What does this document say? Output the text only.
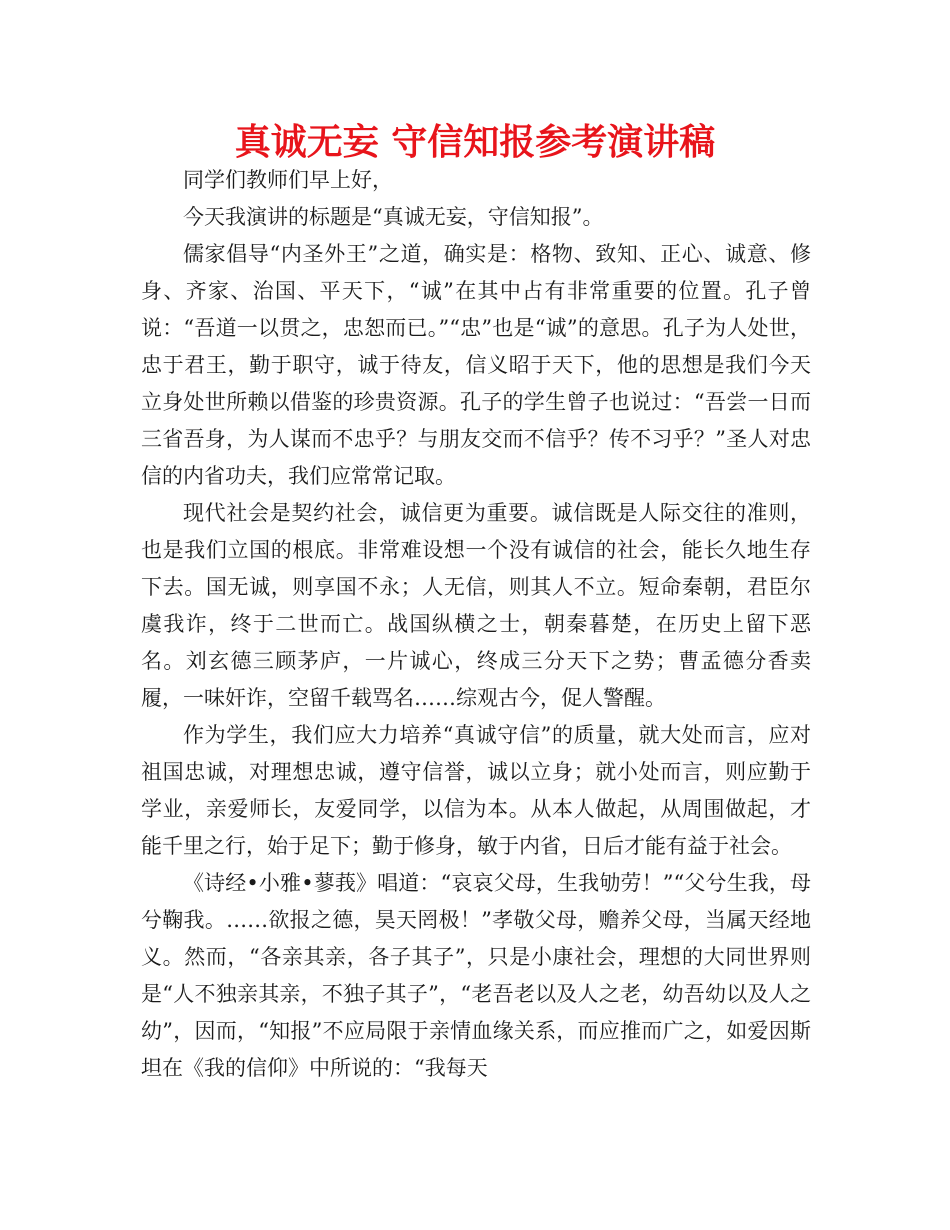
真诚无妄 守信知报参考演讲稿

同学们教师们早上好，

今天我演讲的标题是“真诚无妄，守信知报”。

儒家倡导“内圣外王”之道，确实是：格物、致知、正心、诚意、修身、齐家、治国、平天下，“诚”在其中占有非常重要的位置。孔子曾说：“吾道一以贯之，忠恕而已。”“忠”也是“诚”的意思。孔子为人处世，忠于君王，勤于职守，诚于待友，信义昭于天下，他的思想是我们今天立身处世所赖以借鉴的珍贵资源。孔子的学生曾子也说过：“吾尝一日而三省吾身，为人谋而不忠乎？与朋友交而不信乎？传不习乎？”圣人对忠信的内省功夫，我们应常常记取。

现代社会是契约社会，诚信更为重要。诚信既是人际交往的准则，也是我们立国的根底。非常难设想一个没有诚信的社会，能长久地生存下去。国无诚，则享国不永；人无信，则其人不立。短命秦朝，君臣尔虞我诈，终于二世而亡。战国纵横之士，朝秦暮楚，在历史上留下恶名。刘玄德三顾茅庐，一片诚心，终成三分天下之势；曹孟德分香卖履，一味奸诈，空留千载骂名……综观古今，促人警醒。

作为学生，我们应大力培养“真诚守信”的质量，就大处而言，应对祖国忠诚，对理想忠诚，遵守信誉，诚以立身；就小处而言，则应勤于学业，亲爱师长，友爱同学，以信为本。从本人做起，从周围做起，才能千里之行，始于足下；勤于修身，敏于内省，日后才能有益于社会。

《诗经•小雅•蓼莪》唱道：“哀哀父母，生我劬劳！”“父兮生我，母兮鞠我。……欲报之德，昊天罔极！”孝敬父母，赡养父母，当属天经地义。然而，“各亲其亲，各子其子”，只是小康社会，理想的大同世界则是“人不独亲其亲，不独子其子”，“老吾老以及人之老，幼吾幼以及人之幼”，因而，“知报”不应局限于亲情血缘关系，而应推而广之，如爱因斯坦在《我的信仰》中所说的：“我每天
